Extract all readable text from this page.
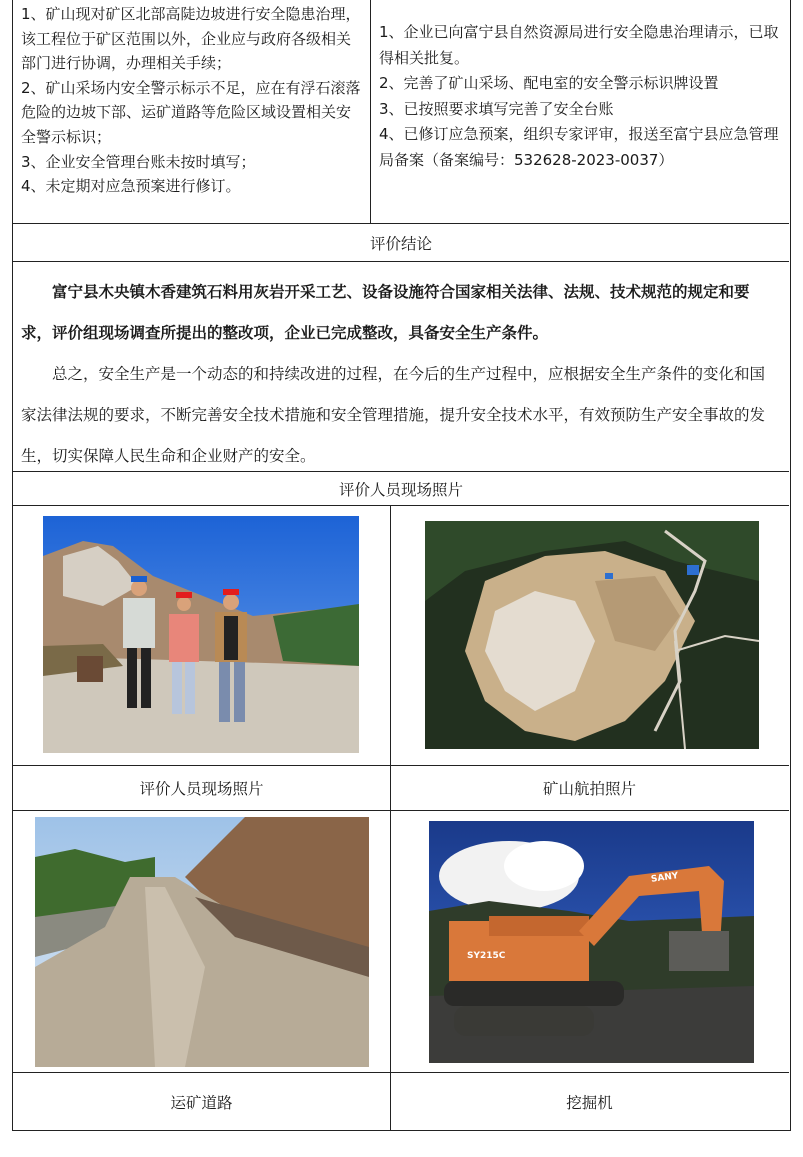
1、矿山现对矿区北部高陡边坡进行安全隐患治理，该工程位于矿区范围以外，企业应与政府各级相关部门进行协调，办理相关手续；

2、矿山采场内安全警示标示不足，应在有浮石滚落危险的边坡下部、运矿道路等危险区域设置相关安全警示标识；

3、企业安全管理台账未按时填写；

4、未定期对应急预案进行修订。

1、企业已向富宁县自然资源局进行安全隐患治理请示，已取得相关批复。

2、完善了矿山采场、配电室的安全警示标识牌设置

3、已按照要求填写完善了安全台账

4、已修订应急预案，组织专家评审，报送至富宁县应急管理局备案（备案编号：532628-2023-0037）

评价结论

富宁县木央镇木香建筑石料用灰岩开采工艺、设备设施符合国家相关法律、法规、技术规范的规定和要求，评价组现场调查所提出的整改项，企业已完成整改，具备安全生产条件。

总之，安全生产是一个动态的和持续改进的过程，在今后的生产过程中，应根据安全生产条件的变化和国家法律法规的要求，不断完善安全技术措施和安全管理措施，提升安全技术水平，有效预防生产安全事故的发生，切实保障人民生命和企业财产的安全。

评价人员现场照片
评价人员现场照片	矿山航拍照片
SANY
SY215C
运矿道路	挖掘机
